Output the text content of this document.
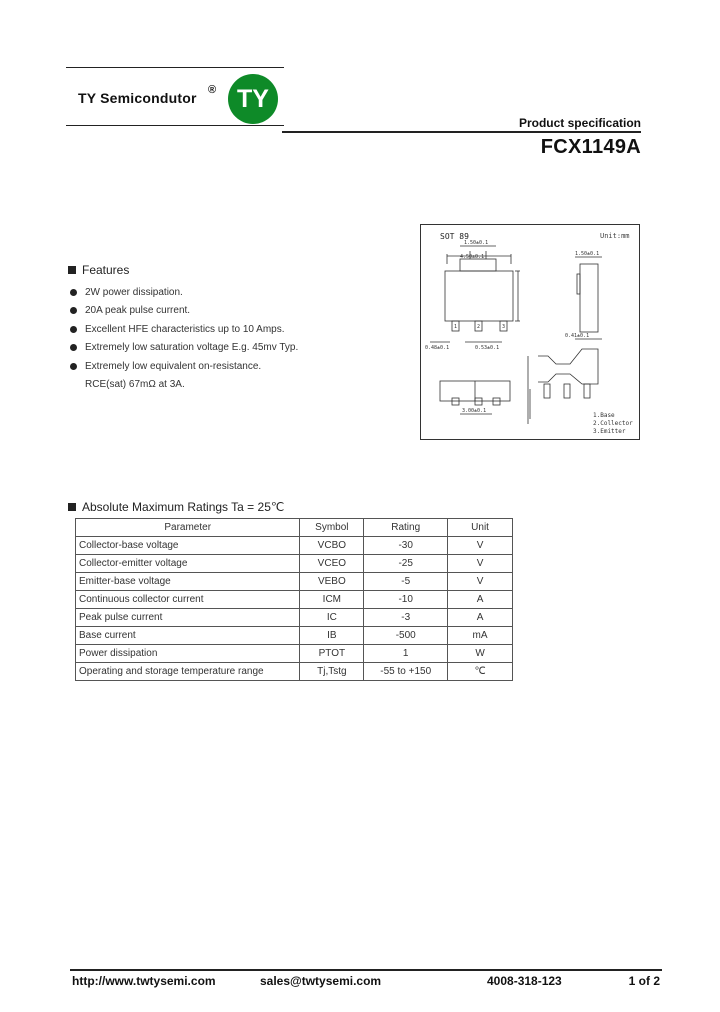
TY Semicondutor ® TY
Product specification
FCX1149A
Features
2W power dissipation.
20A peak pulse current.
Excellent HFE characteristics up to 10 Amps.
Extremely low saturation voltage E.g. 45mv Typ.
Extremely low equivalent on-resistance.
RCE(sat) 67mΩ at 3A.
SOT 89	Unit:mm
4.50±0.1
1.50±0.1
1.50±0.1
0.41±0.1
0.48±0.1	0.53±0.1
3.00±0.1
1	2	3
1.Base
2.Collector
3.Emitter
Absolute Maximum Ratings Ta = 25℃
Parameter	Symbol	Rating	Unit
Collector-base voltage	VCBO	-30	V
Collector-emitter voltage	VCEO	-25	V
Emitter-base voltage	VEBO	-5	V
Continuous collector current	ICM	-10	A
Peak pulse current	IC	-3	A
Base current	IB	-500	mA
Power dissipation	PTOT	1	W
Operating and storage temperature range	Tj,Tstg	-55 to +150	℃
http://www.twtysemi.com	sales@twtysemi.com	4008-318-123	1 of 2
